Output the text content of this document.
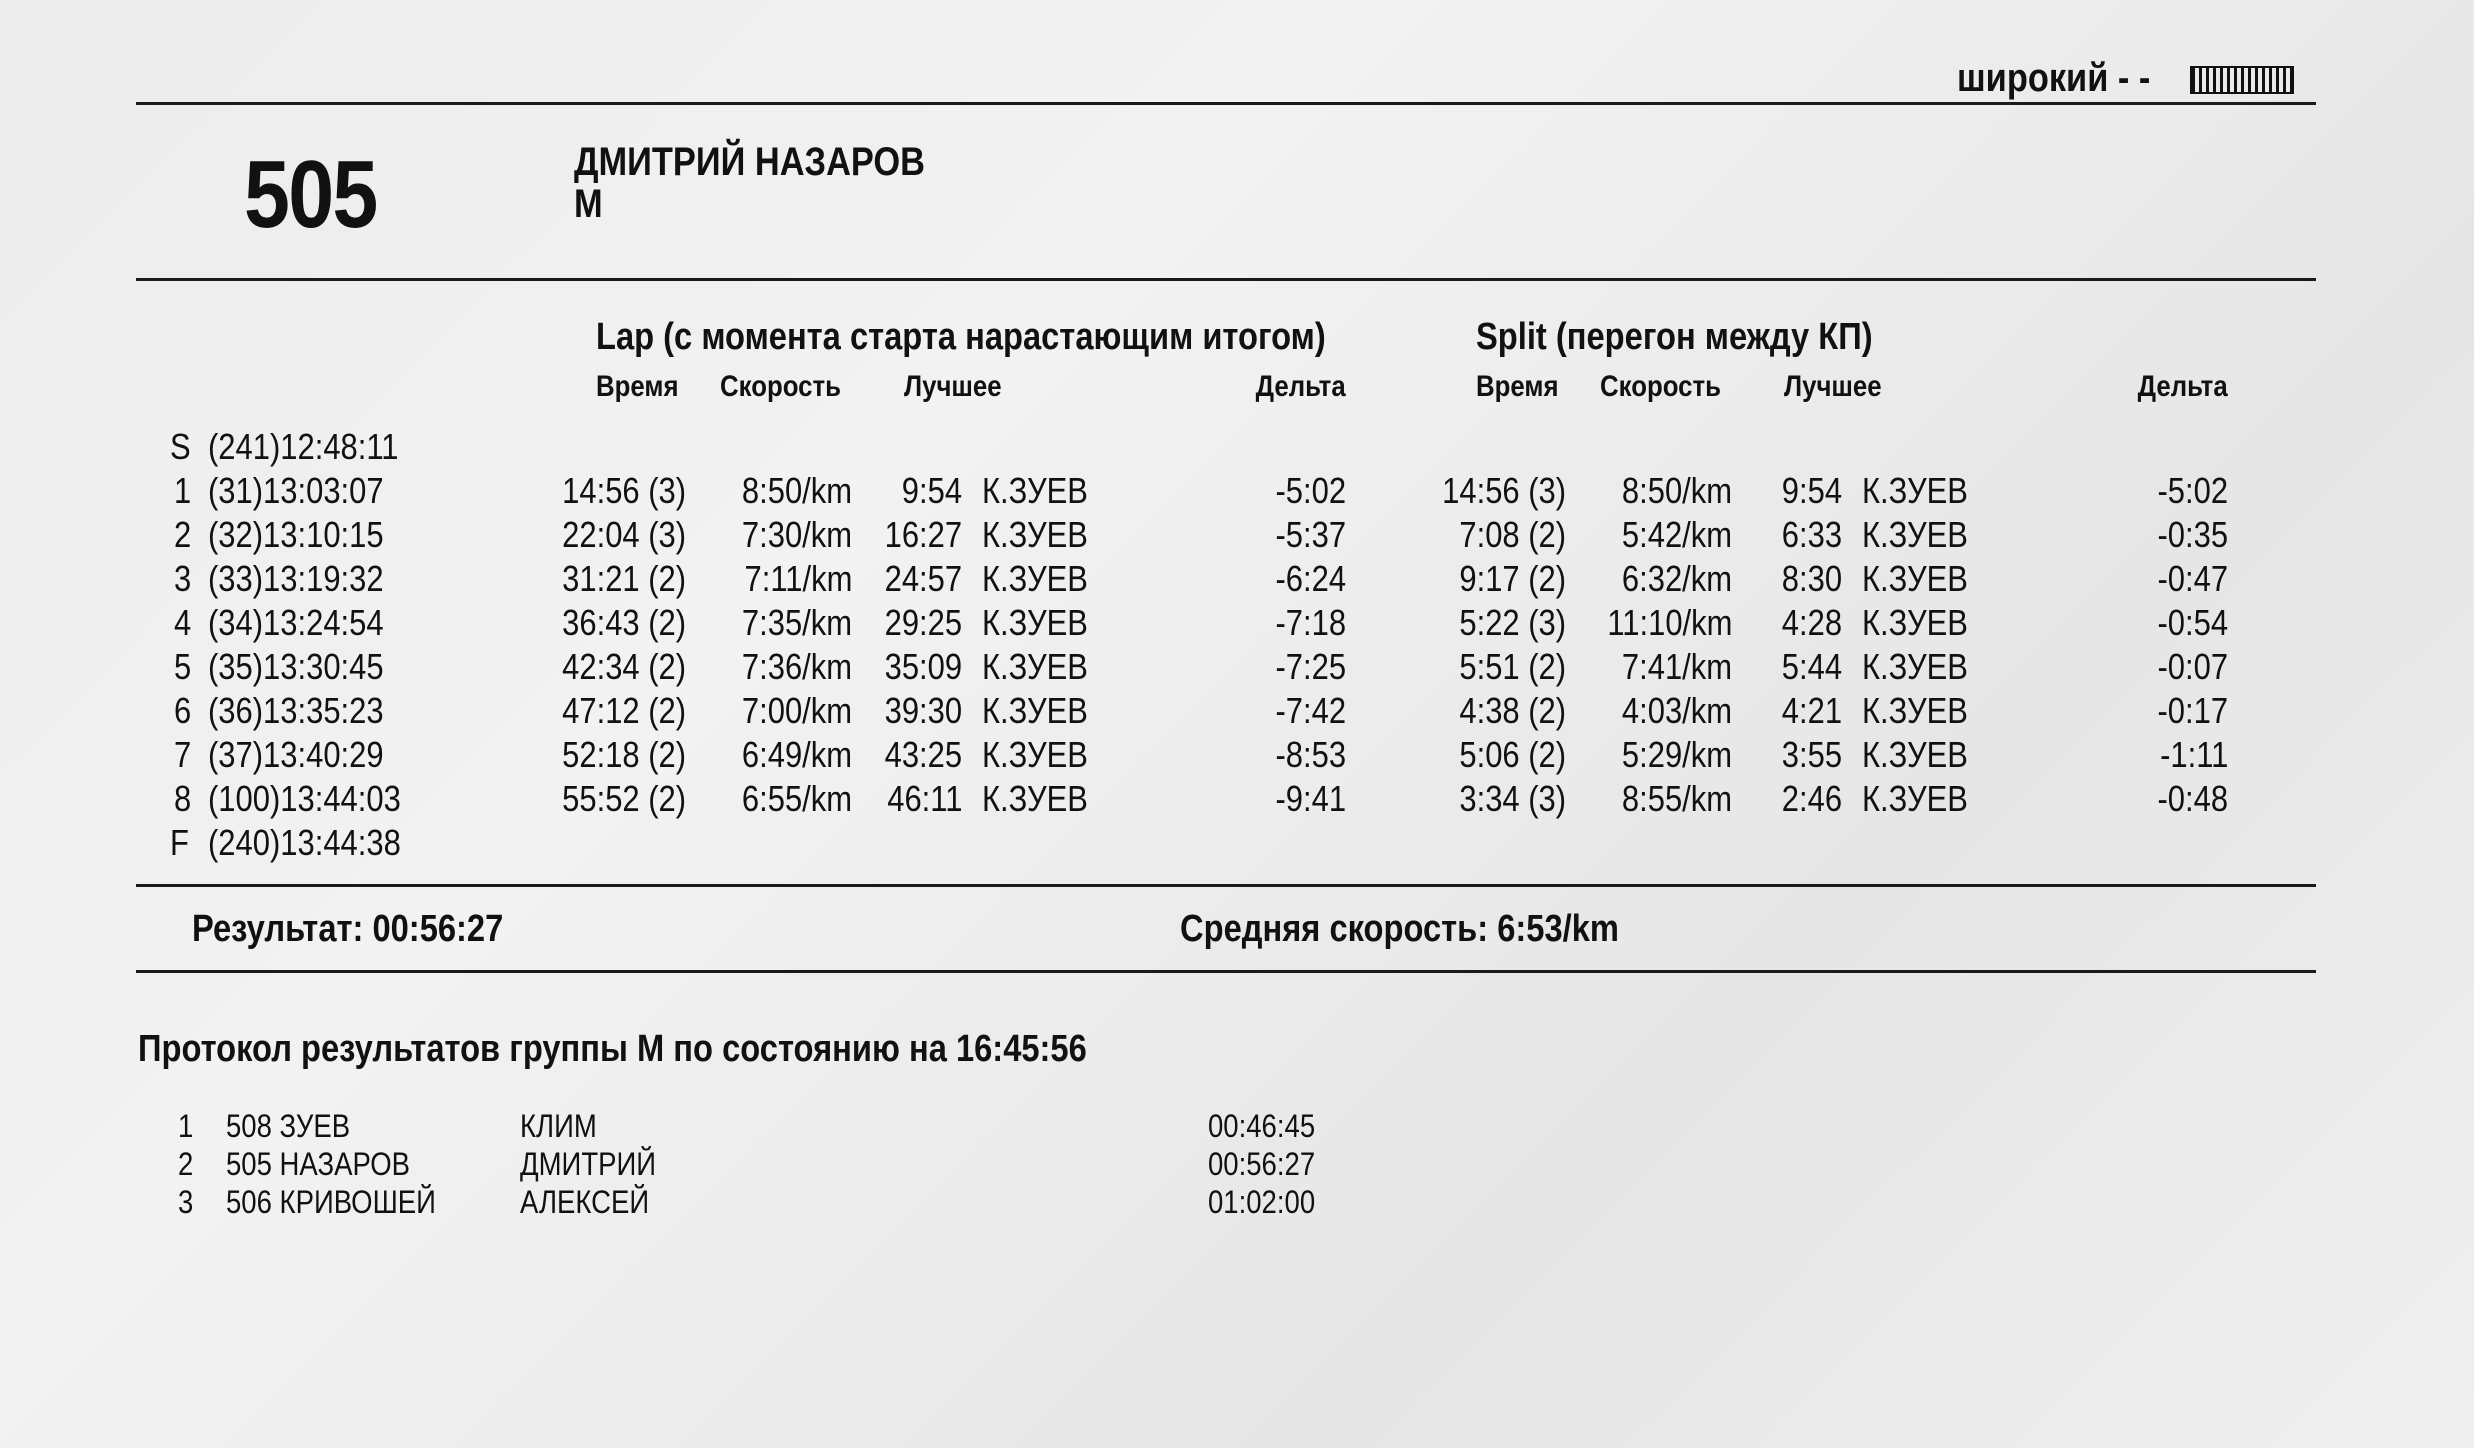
широкий - -
505	ДМИТРИЙ НАЗАРОВ
М
Lap (с момента старта нарастающим итогом)	Split (перегон между КП)
Время Скорость Лучшее	Дельта	Время Скорость Лучшее	Дельта
S (241)12:48:11
1 (31)13:03:07	14:56 (3) 8:50/km 9:54 К.ЗУЕВ	-5:02	14:56 (3) 8:50/km 9:54 К.ЗУЕВ	-5:02
2 (32)13:10:15	22:04 (3) 7:30/km 16:27 К.ЗУЕВ	-5:37	7:08 (2) 5:42/km 6:33 К.ЗУЕВ	-0:35
3 (33)13:19:32	31:21 (2) 7:11/km 24:57 К.ЗУЕВ	-6:24	9:17 (2) 6:32/km 8:30 К.ЗУЕВ	-0:47
4 (34)13:24:54	36:43 (2) 7:35/km 29:25 К.ЗУЕВ	-7:18	5:22 (3) 11:10/km 4:28 К.ЗУЕВ	-0:54
5 (35)13:30:45	42:34 (2) 7:36/km 35:09 К.ЗУЕВ	-7:25	5:51 (2) 7:41/km 5:44 К.ЗУЕВ	-0:07
6 (36)13:35:23	47:12 (2) 7:00/km 39:30 К.ЗУЕВ	-7:42	4:38 (2) 4:03/km 4:21 К.ЗУЕВ	-0:17
7 (37)13:40:29	52:18 (2) 6:49/km 43:25 К.ЗУЕВ	-8:53	5:06 (2) 5:29/km 3:55 К.ЗУЕВ	-1:11
8 (100)13:44:03	55:52 (2) 6:55/km 46:11 К.ЗУЕВ	-9:41	3:34 (3) 8:55/km 2:46 К.ЗУЕВ	-0:48
F (240)13:44:38
Результат: 00:56:27	Средняя скорость: 6:53/km
Протокол результатов группы М по состоянию на 16:45:56
1 508 ЗУЕВ	КЛИМ	00:46:45
2 505 НАЗАРОВ	ДМИТРИЙ	00:56:27
3 506 КРИВОШЕЙ	АЛЕКСЕЙ	01:02:00
